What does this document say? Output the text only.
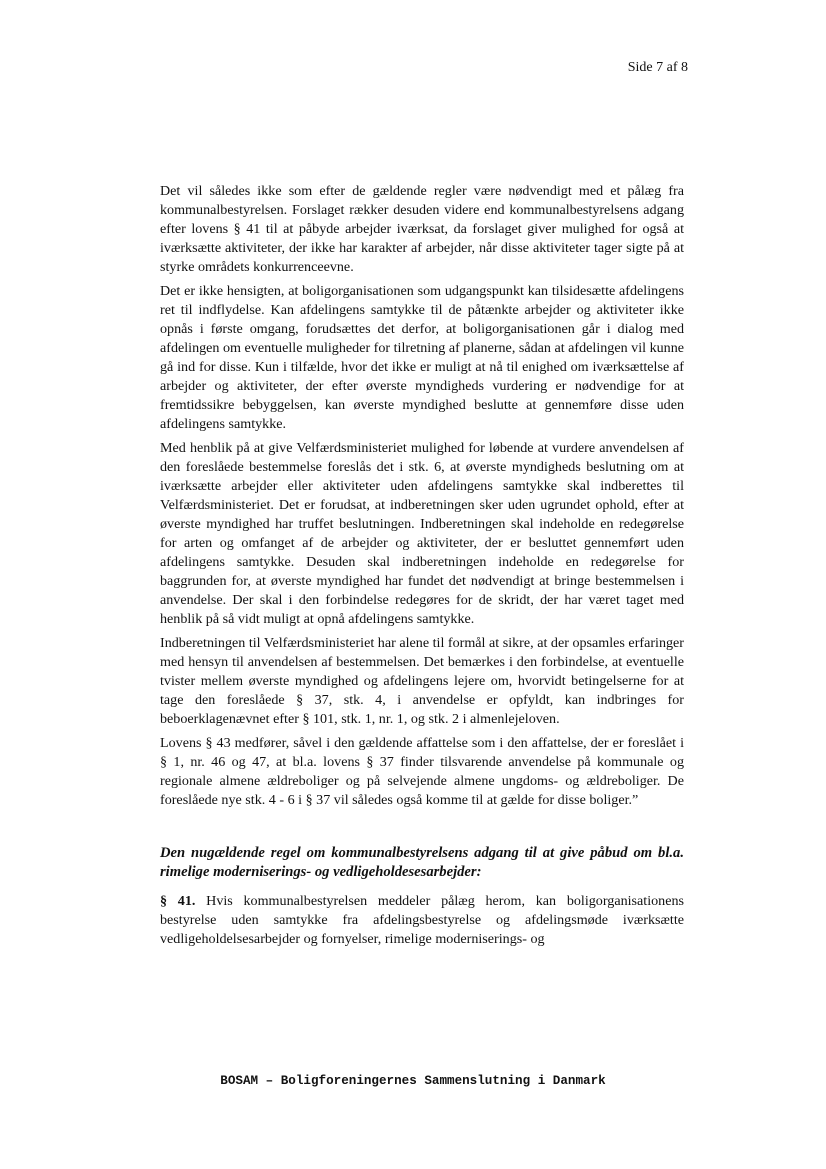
Side 7 af 8

Det vil således ikke som efter de gældende regler være nødvendigt med et pålæg fra kommunalbestyrelsen. Forslaget rækker desuden videre end kommunalbestyrelsens adgang efter lovens § 41 til at påbyde arbejder iværksat, da forslaget giver mulighed for også at iværksætte aktiviteter, der ikke har karakter af arbejder, når disse aktiviteter tager sigte på at styrke områdets konkurrenceevne.

Det er ikke hensigten, at boligorganisationen som udgangspunkt kan tilsidesætte afdelingens ret til indflydelse. Kan afdelingens samtykke til de påtænkte arbejder og aktiviteter ikke opnås i første omgang, forudsættes det derfor, at boligorganisationen går i dialog med afdelingen om eventuelle muligheder for tilretning af planerne, sådan at afdelingen vil kunne gå ind for disse. Kun i tilfælde, hvor det ikke er muligt at nå til enighed om iværksættelse af arbejder og aktiviteter, der efter øverste myndigheds vurdering er nødvendige for at fremtidssikre bebyggelsen, kan øverste myndighed beslutte at gennemføre disse uden afdelingens samtykke.

Med henblik på at give Velfærdsministeriet mulighed for løbende at vurdere anvendelsen af den foreslåede bestemmelse foreslås det i stk. 6, at øverste myndigheds beslutning om at iværksætte arbejder eller aktiviteter uden afdelingens samtykke skal indberettes til Velfærdsministeriet. Det er forudsat, at indberetningen sker uden ugrundet ophold, efter at øverste myndighed har truffet beslutningen. Indberetningen skal indeholde en redegørelse for arten og omfanget af de arbejder og aktiviteter, der er besluttet gennemført uden afdelingens samtykke. Desuden skal indberetningen indeholde en redegørelse for baggrunden for, at øverste myndighed har fundet det nødvendigt at bringe bestemmelsen i anvendelse. Der skal i den forbindelse redegøres for de skridt, der har været taget med henblik på så vidt muligt at opnå afdelingens samtykke.

Indberetningen til Velfærdsministeriet har alene til formål at sikre, at der opsamles erfaringer med hensyn til anvendelsen af bestemmelsen. Det bemærkes i den forbindelse, at eventuelle tvister mellem øverste myndighed og afdelingens lejere om, hvorvidt betingelserne for at tage den foreslåede § 37, stk. 4, i anvendelse er opfyldt, kan indbringes for beboerklagenævnet efter § 101, stk. 1, nr. 1, og stk. 2 i almenlejeloven.

Lovens § 43 medfører, såvel i den gældende affattelse som i den affattelse, der er foreslået i § 1, nr. 46 og 47, at bl.a. lovens § 37 finder tilsvarende anvendelse på kommunale og regionale almene ældreboliger og på selvejende almene ungdoms- og ældreboliger. De foreslåede nye stk. 4 - 6 i § 37 vil således også komme til at gælde for disse boliger.”

Den nugældende regel om kommunalbestyrelsens adgang til at give påbud om bl.a. rimelige moderniserings- og vedligeholdesesarbejder:

§ 41. Hvis kommunalbestyrelsen meddeler pålæg herom, kan boligorganisationens bestyrelse uden samtykke fra afdelingsbestyrelse og afdelingsmøde iværksætte vedligeholdelsesarbejder og fornyelser, rimelige moderniserings- og

BOSAM – Boligforeningernes Sammenslutning i Danmark
